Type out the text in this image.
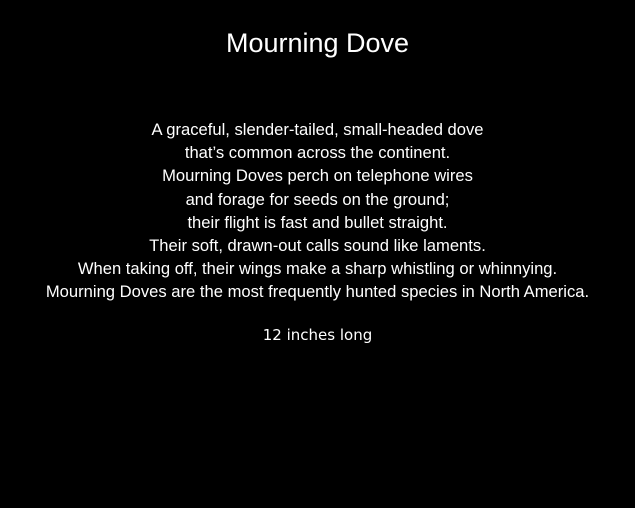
Mourning Dove
A graceful, slender-tailed, small-headed dove
that’s common across the continent.
Mourning Doves perch on telephone wires
and forage for seeds on the ground;
their flight is fast and bullet straight.
Their soft, drawn-out calls sound like laments.
When taking off, their wings make a sharp whistling or whinnying.
Mourning Doves are the most frequently hunted species in North America.
12 inches long
